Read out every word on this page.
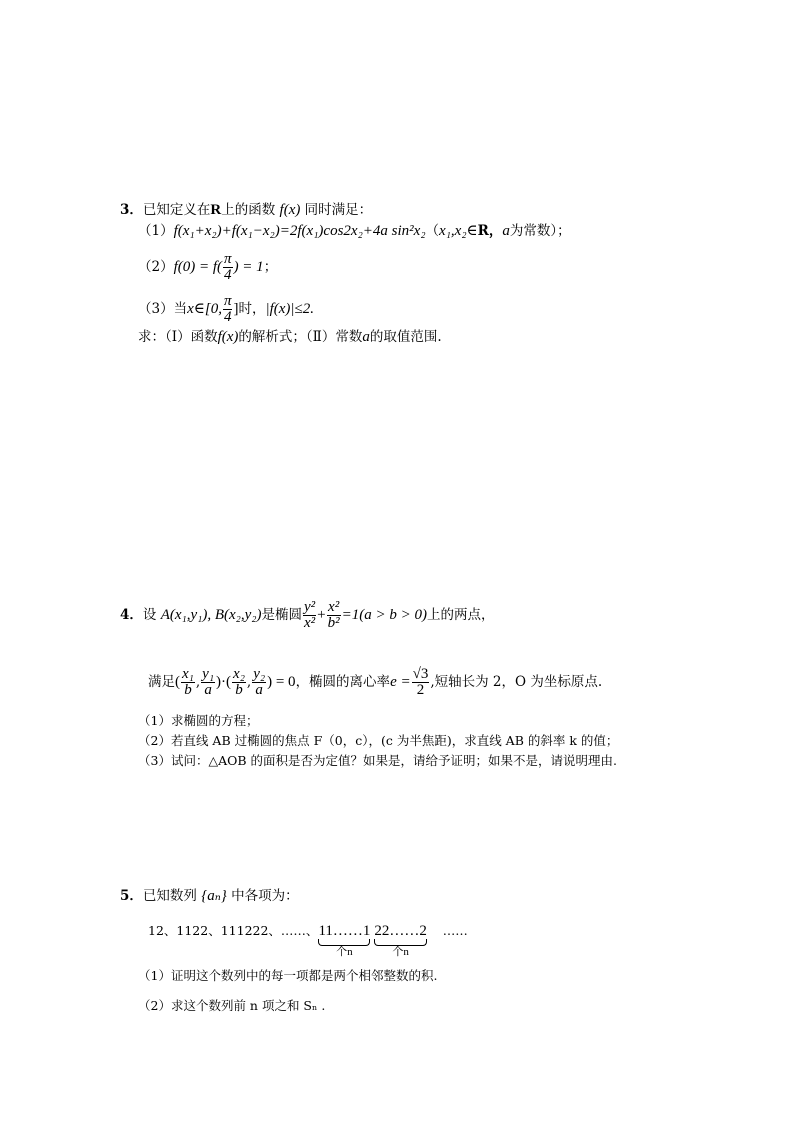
3．已知定义在R上的函数 f(x) 同时满足：
（1）f(x₁+x₂)+f(x₁−x₂)=2f(x₁)cos2x₂+4a sin²x₂（x₁,x₂∈R，a为常数）；
$(2)f(0) = f( \frac{\pi}{4}$ ) = 1；
（3）当x∈[0, $\frac{\pi}{4}$ ]时，|f(x)|≤2.
求：（Ⅰ）函数f(x)的解析式；（Ⅱ）常数a的取值范围.
4．设 A(x₁,y₁), B(x₂,y₂)是椭圆 $\frac{\text{y²}}{\text{x²}} + \frac{\text{x²}}{\text{b²}} =1(a > b > 0)$上的两点，
满足( $\frac{\text{x₁}}{b}$ , $\frac{\text{y₁}}{a}$ )·( $\frac{\text{x₂}}{b}$ , $\frac{\text{y₂}}{a}$ ) = 0，椭圆的离心率$e = \frac{√3}{2}$ ,短轴长为 2，O 为坐标原点.
（1）求椭圆的方程；
（2）若直线 AB 过椭圆的焦点 F（0，c），(c 为半焦距)，求直线 AB 的斜率 k 的值；
（3）试问：△AOB 的面积是否为定值？如果是，请给予证明；如果不是，请说明理由.
5．已知数列 {aₙ} 中各项为：
12、1122、111222、……、11……1
个n
22……2
个n
……
（1）证明这个数列中的每一项都是两个相邻整数的积.
（2）求这个数列前 n 项之和 Sₙ .
